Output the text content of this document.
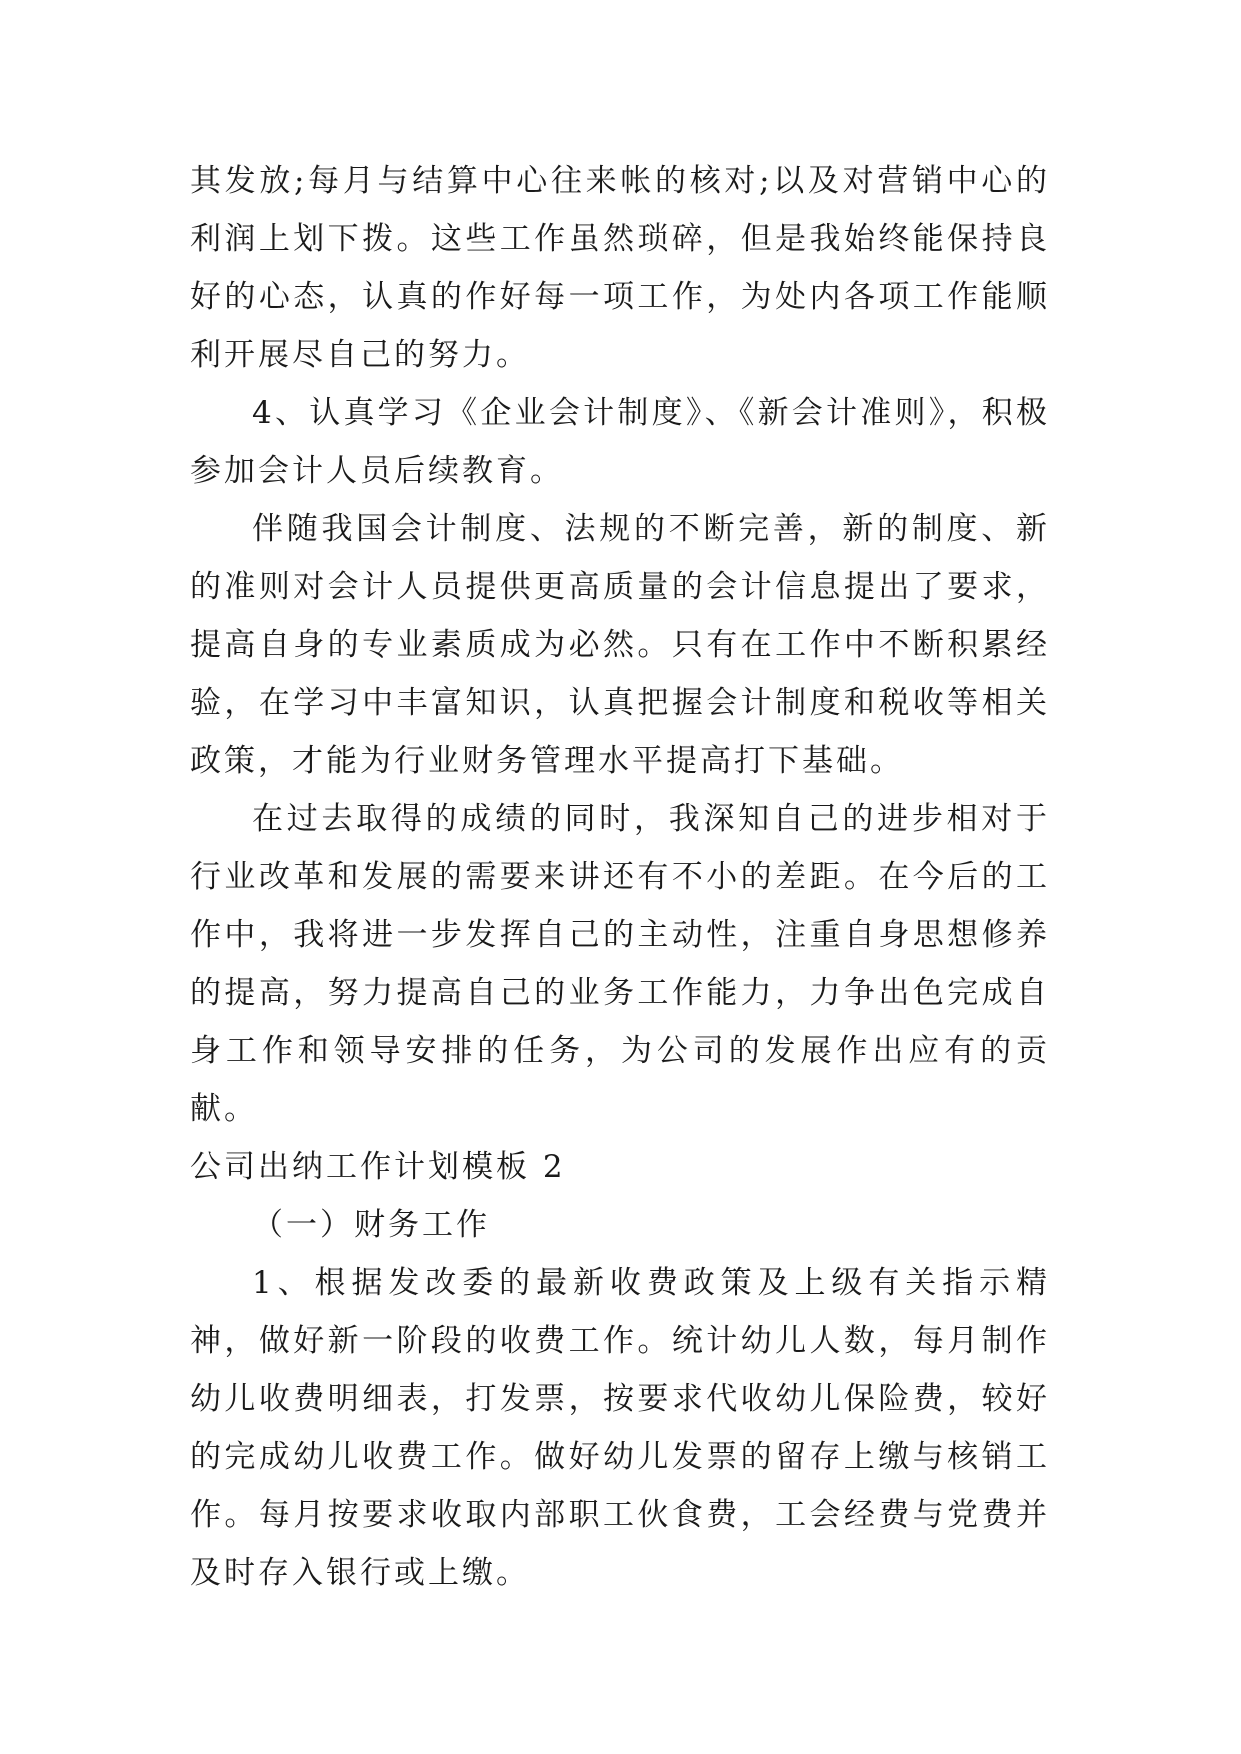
其发放;每月与结算中心往来帐的核对;以及对营销中心的利润上划下拨。这些工作虽然琐碎，但是我始终能保持良好的心态，认真的作好每一项工作，为处内各项工作能顺利开展尽自己的努力。

4、认真学习《企业会计制度》、《新会计准则》，积极参加会计人员后续教育。

伴随我国会计制度、法规的不断完善，新的制度、新的准则对会计人员提供更高质量的会计信息提出了要求，提高自身的专业素质成为必然。只有在工作中不断积累经验，在学习中丰富知识，认真把握会计制度和税收等相关政策，才能为行业财务管理水平提高打下基础。

在过去取得的成绩的同时，我深知自己的进步相对于行业改革和发展的需要来讲还有不小的差距。在今后的工作中，我将进一步发挥自己的主动性，注重自身思想修养的提高，努力提高自己的业务工作能力，力争出色完成自身工作和领导安排的任务，为公司的发展作出应有的贡献。

公司出纳工作计划模板 2

（一）财务工作

1、根据发改委的最新收费政策及上级有关指示精神，做好新一阶段的收费工作。统计幼儿人数，每月制作幼儿收费明细表，打发票，按要求代收幼儿保险费，较好的完成幼儿收费工作。做好幼儿发票的留存上缴与核销工作。每月按要求收取内部职工伙食费，工会经费与党费并及时存入银行或上缴。
